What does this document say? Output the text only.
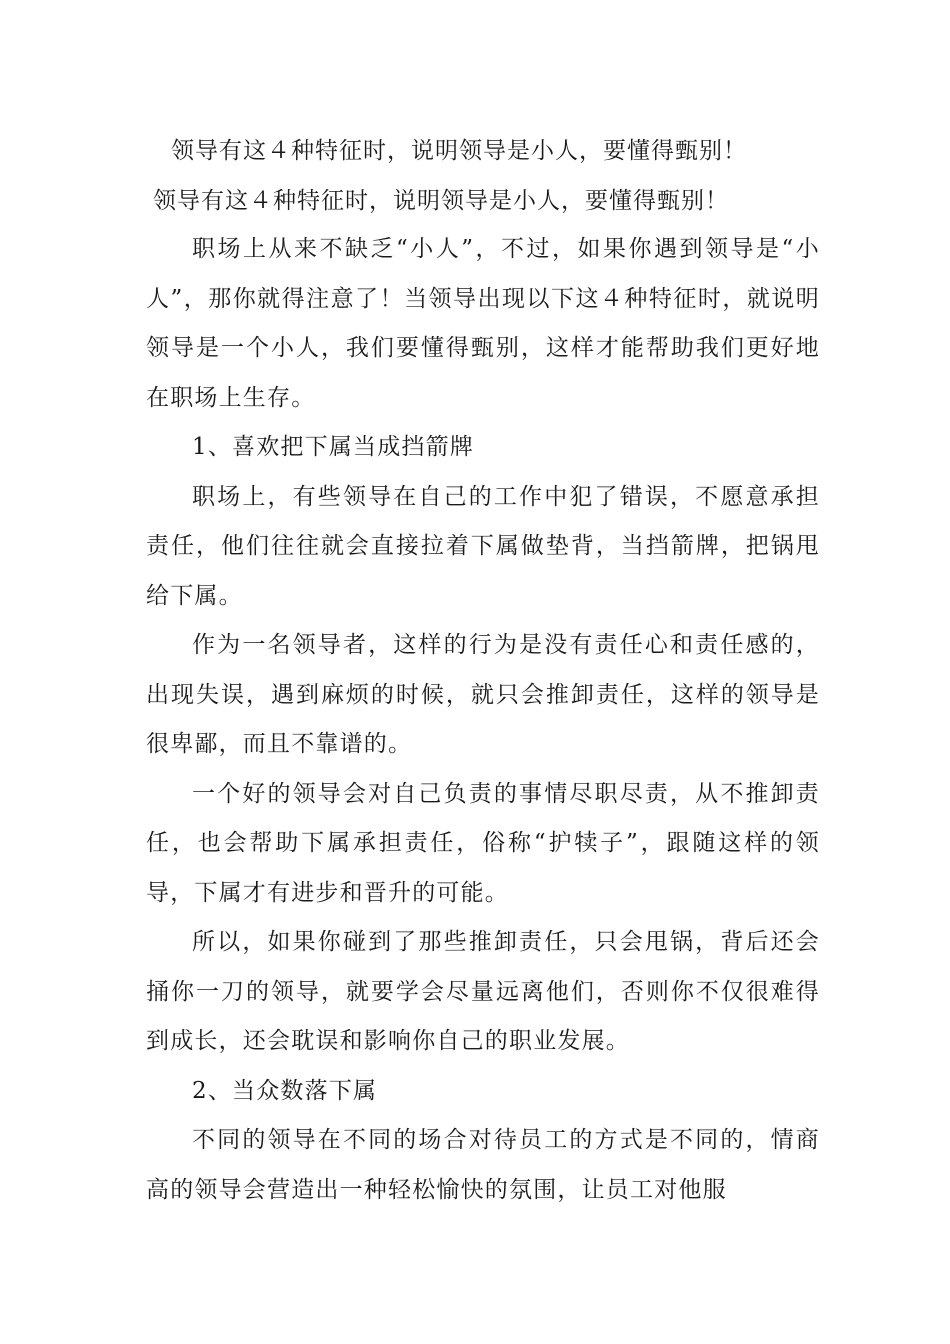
领导有这４种特征时，说明领导是小人，要懂得甄别！
领导有这４种特征时，说明领导是小人，要懂得甄别！

职场上从来不缺乏“小人”，不过，如果你遇到领导是“小人”，那你就得注意了！当领导出现以下这４种特征时，就说明领导是一个小人，我们要懂得甄别，这样才能帮助我们更好地在职场上生存。

1、喜欢把下属当成挡箭牌

职场上，有些领导在自己的工作中犯了错误，不愿意承担责任，他们往往就会直接拉着下属做垫背，当挡箭牌，把锅甩给下属。

作为一名领导者，这样的行为是没有责任心和责任感的，出现失误，遇到麻烦的时候，就只会推卸责任，这样的领导是很卑鄙，而且不靠谱的。

一个好的领导会对自己负责的事情尽职尽责，从不推卸责任，也会帮助下属承担责任，俗称“护犊子”，跟随这样的领导，下属才有进步和晋升的可能。

所以，如果你碰到了那些推卸责任，只会甩锅，背后还会捅你一刀的领导，就要学会尽量远离他们，否则你不仅很难得到成长，还会耽误和影响你自己的职业发展。

2、当众数落下属

不同的领导在不同的场合对待员工的方式是不同的，情商高的领导会营造出一种轻松愉快的氛围，让员工对他服
